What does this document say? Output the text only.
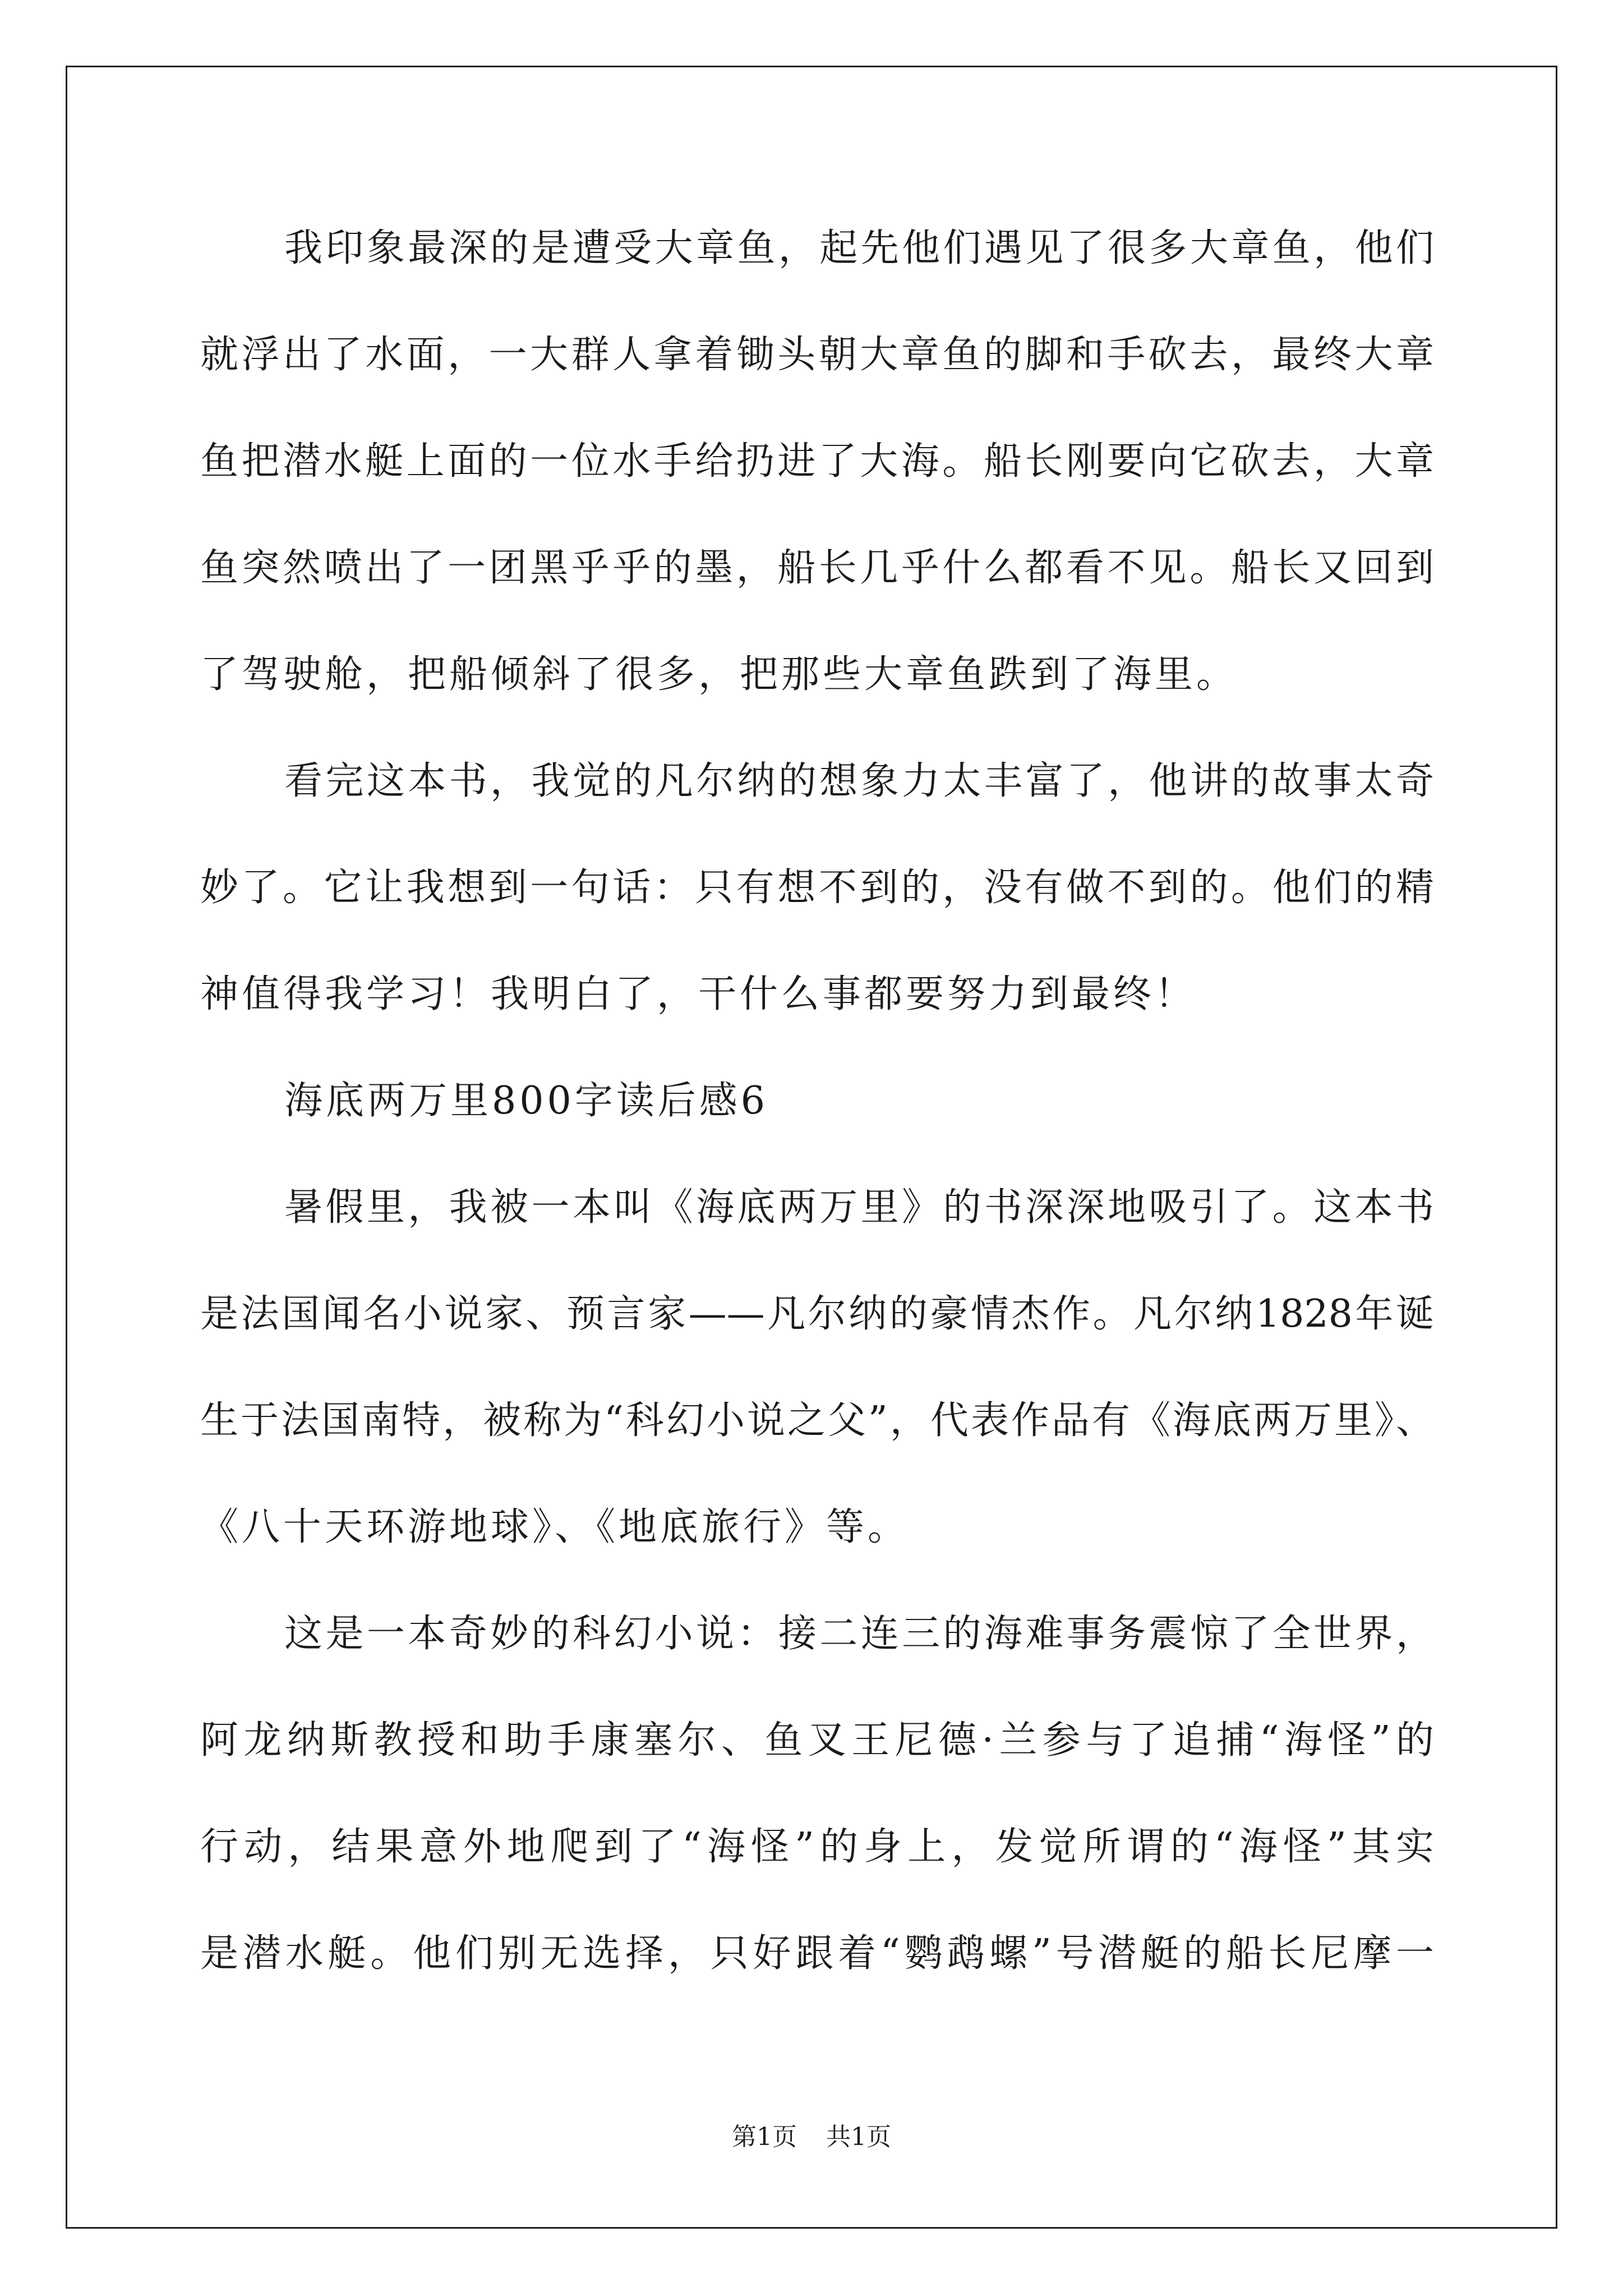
我印象最深的是遭受大章鱼，起先他们遇见了很多大章鱼，他们
就浮出了水面，一大群人拿着锄头朝大章鱼的脚和手砍去，最终大章
鱼把潜水艇上面的一位水手给扔进了大海。船长刚要向它砍去，大章
鱼突然喷出了一团黑乎乎的墨，船长几乎什么都看不见。船长又回到
了驾驶舱，把船倾斜了很多，把那些大章鱼跌到了海里。
看完这本书，我觉的凡尔纳的想象力太丰富了，他讲的故事太奇
妙了。它让我想到一句话：只有想不到的，没有做不到的。他们的精
神值得我学习！我明白了，干什么事都要努力到最终！
海底两万里800字读后感6
暑假里，我被一本叫《海底两万里》的书深深地吸引了。这本书
是法国闻名小说家、预言家——凡尔纳的豪情杰作。凡尔纳1828年诞
生于法国南特，被称为“科幻小说之父”，代表作品有《海底两万里》、
《八十天环游地球》、《地底旅行》等。
这是一本奇妙的科幻小说：接二连三的海难事务震惊了全世界，
阿龙纳斯教授和助手康塞尔、鱼叉王尼德·兰参与了追捕“海怪”的
行动，结果意外地爬到了“海怪”的身上，发觉所谓的“海怪”其实
是潜水艇。他们别无选择，只好跟着“鹦鹉螺”号潜艇的船长尼摩一
第1页 共1页
